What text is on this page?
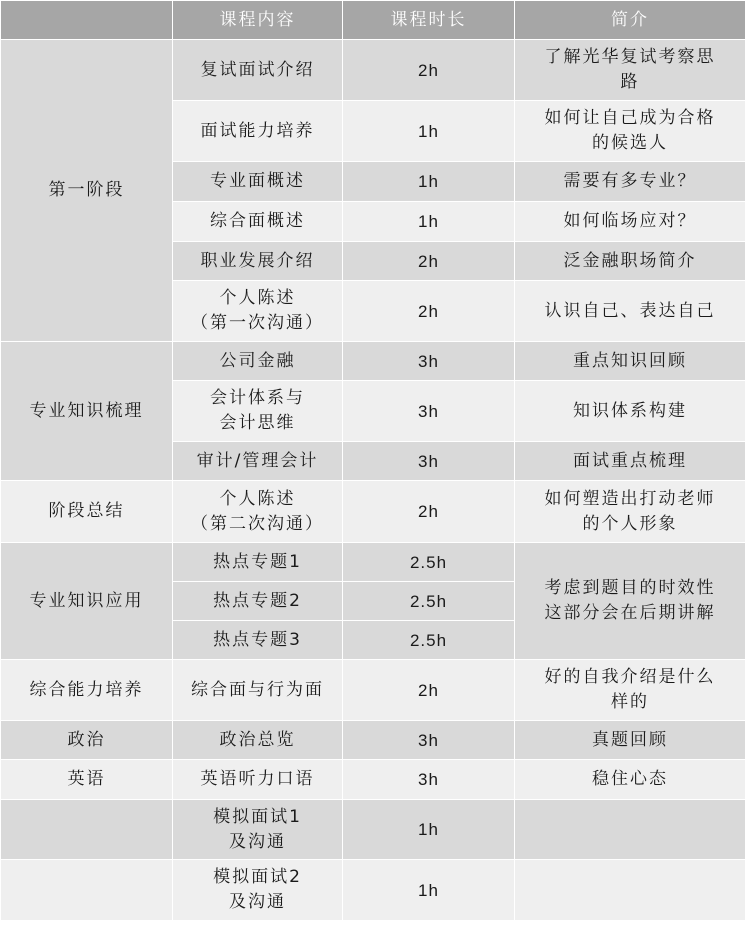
	课程内容	课程时长	简介
第一阶段	复试面试介绍	2h	了解光华复试考察思
路

	面试能力培养	1h	如何让自己成为合格
的候选人

	专业面概述	1h	需要有多专业？
	综合面概述	1h	如何临场应对？
	职业发展介绍	2h	泛金融职场简介

	个人陈述
（第一次沟通）	2h	认识自己、表达自己
专业知识梳理	公司金融	3h	重点知识回顾

	会计体系与
会计思维	3h	知识体系构建
	审计/管理会计	3h	面试重点梳理
阶段总结	个人陈述
（第二次沟通）	2h	如何塑造出打动老师
的个人形象

专业知识应用	热点专题1	2.5h	考虑到题目的时效性
这部分会在后期讲解

	热点专题2	2.5h	
	热点专题3	2.5h	
综合能力培养	综合面与行为面	2h	好的自我介绍是什么
样的

政治	政治总览	3h	真题回顾
英语	英语听力口语	3h	稳住心态

	模拟面试1
及沟通	1h	

	模拟面试2
及沟通	1h	
